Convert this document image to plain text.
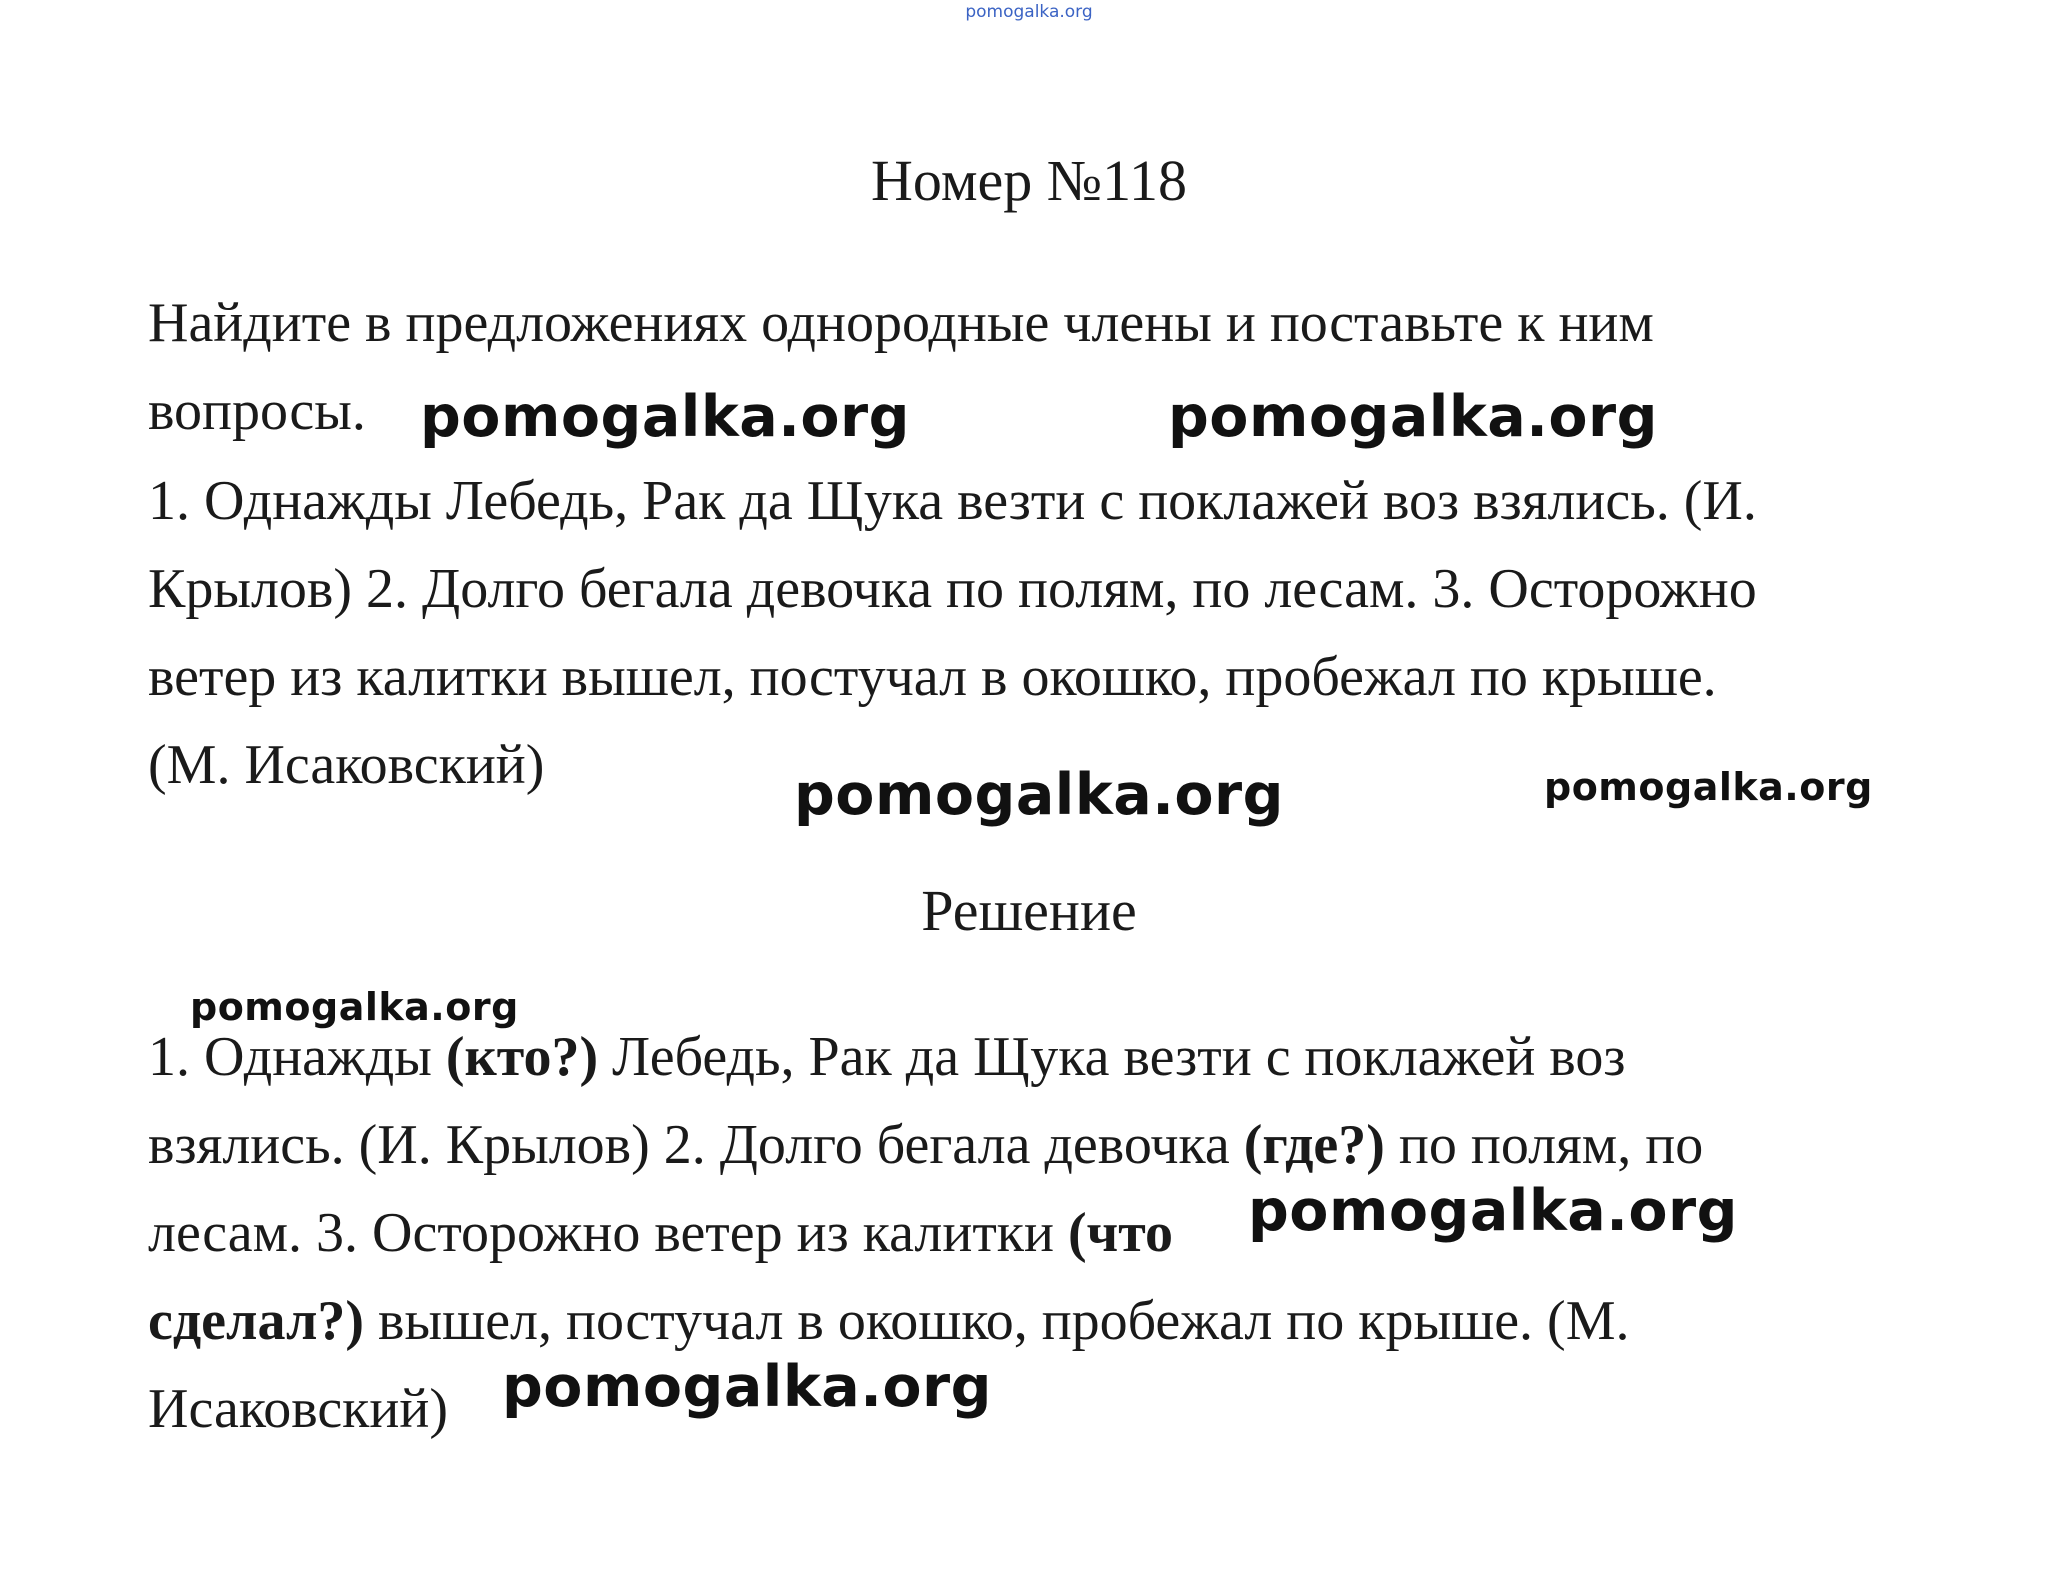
pomogalka.org
Номер №118
Найдите в предложениях однородные члены и поставьте к ним
вопросы.
1. Однажды Лебедь, Рак да Щука везти с поклажей воз взялись. (И.
Крылов) 2. Долго бегала девочка по полям, по лесам. 3. Осторожно
ветер из калитки вышел, постучал в окошко, пробежал по крыше.
(М. Исаковский)
Решение
1. Однажды (кто?) Лебедь, Рак да Щука везти с поклажей воз
взялись. (И. Крылов) 2. Долго бегала девочка (где?) по полям, по
лесам. 3. Осторожно ветер из калитки (что
сделал?) вышел, постучал в окошко, пробежал по крыше. (М.
Исаковский)
pomogalka.org	pomogalka.org
pomogalka.org	pomogalka.org
pomogalka.org
pomogalka.org
pomogalka.org
